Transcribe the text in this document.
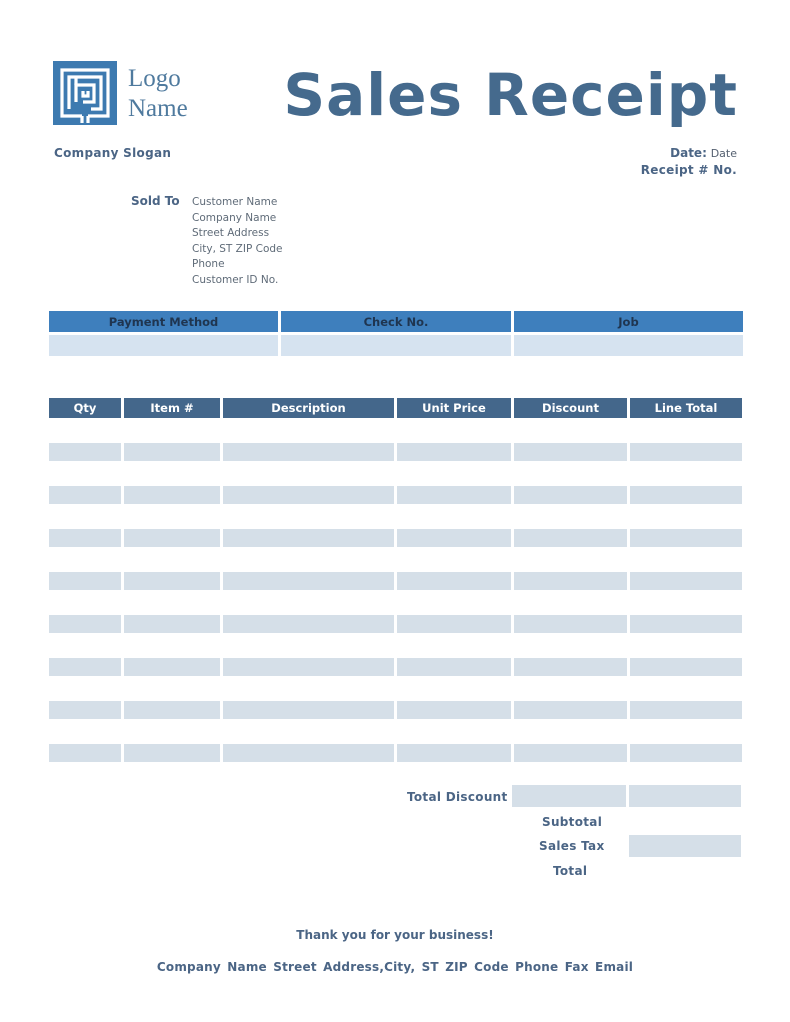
Logo
Name
Company Slogan
Sales Receipt
Date: Date
Receipt # No.
Sold To Customer Name
Company Name
Street Address
City, ST ZIP Code
Phone
Customer ID No.
Payment Method	Check No.	Job
Qty	Item #	Description	Unit Price	Discount	Line Total
Total Discount
Subtotal
Sales Tax
Total
Thank you for your business!
Company Name Street Address,City, ST ZIP Code Phone Fax Email
